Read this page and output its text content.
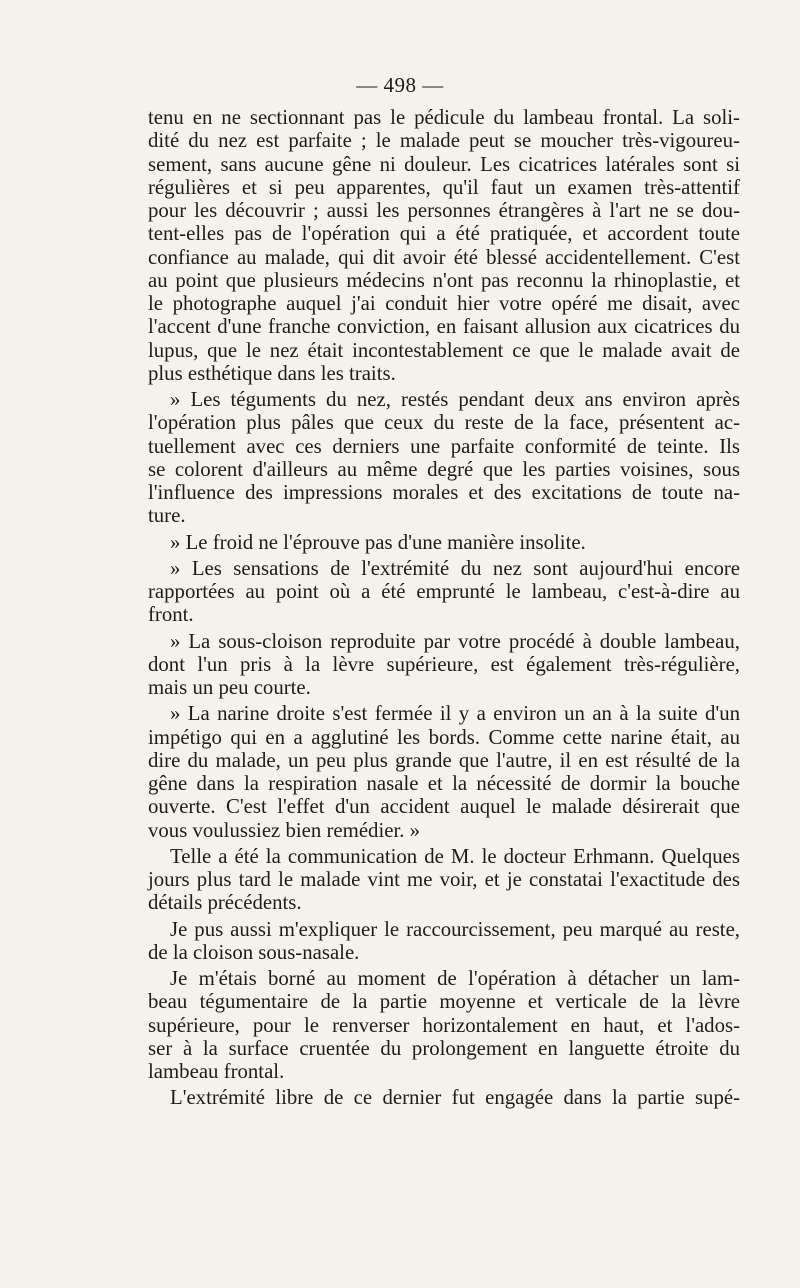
— 498 —
tenu en ne sectionnant pas le pédicule du lambeau frontal. La soli-
dité du nez est parfaite ; le malade peut se moucher très-vigoureu-
sement, sans aucune gêne ni douleur. Les cicatrices latérales sont si
régulières et si peu apparentes, qu'il faut un examen très-attentif
pour les découvrir ; aussi les personnes étrangères à l'art ne se dou-
tent-elles pas de l'opération qui a été pratiquée, et accordent toute
confiance au malade, qui dit avoir été blessé accidentellement. C'est
au point que plusieurs médecins n'ont pas reconnu la rhinoplastie, et
le photographe auquel j'ai conduit hier votre opéré me disait, avec
l'accent d'une franche conviction, en faisant allusion aux cicatrices du
lupus, que le nez était incontestablement ce que le malade avait de
plus esthétique dans les traits.
» Les téguments du nez, restés pendant deux ans environ après
l'opération plus pâles que ceux du reste de la face, présentent ac-
tuellement avec ces derniers une parfaite conformité de teinte. Ils
se colorent d'ailleurs au même degré que les parties voisines, sous
l'influence des impressions morales et des excitations de toute na-
ture.
» Le froid ne l'éprouve pas d'une manière insolite.
» Les sensations de l'extrémité du nez sont aujourd'hui encore
rapportées au point où a été emprunté le lambeau, c'est-à-dire au
front.
» La sous-cloison reproduite par votre procédé à double lambeau,
dont l'un pris à la lèvre supérieure, est également très-régulière,
mais un peu courte.
» La narine droite s'est fermée il y a environ un an à la suite d'un
impétigo qui en a agglutiné les bords. Comme cette narine était, au
dire du malade, un peu plus grande que l'autre, il en est résulté de la
gêne dans la respiration nasale et la nécessité de dormir la bouche
ouverte. C'est l'effet d'un accident auquel le malade désirerait que
vous voulussiez bien remédier. »
Telle a été la communication de M. le docteur Erhmann. Quelques
jours plus tard le malade vint me voir, et je constatai l'exactitude des
détails précédents.
Je pus aussi m'expliquer le raccourcissement, peu marqué au reste,
de la cloison sous-nasale.
Je m'étais borné au moment de l'opération à détacher un lam-
beau tégumentaire de la partie moyenne et verticale de la lèvre
supérieure, pour le renverser horizontalement en haut, et l'ados-
ser à la surface cruentée du prolongement en languette étroite du
lambeau frontal.
L'extrémité libre de ce dernier fut engagée dans la partie supé-
